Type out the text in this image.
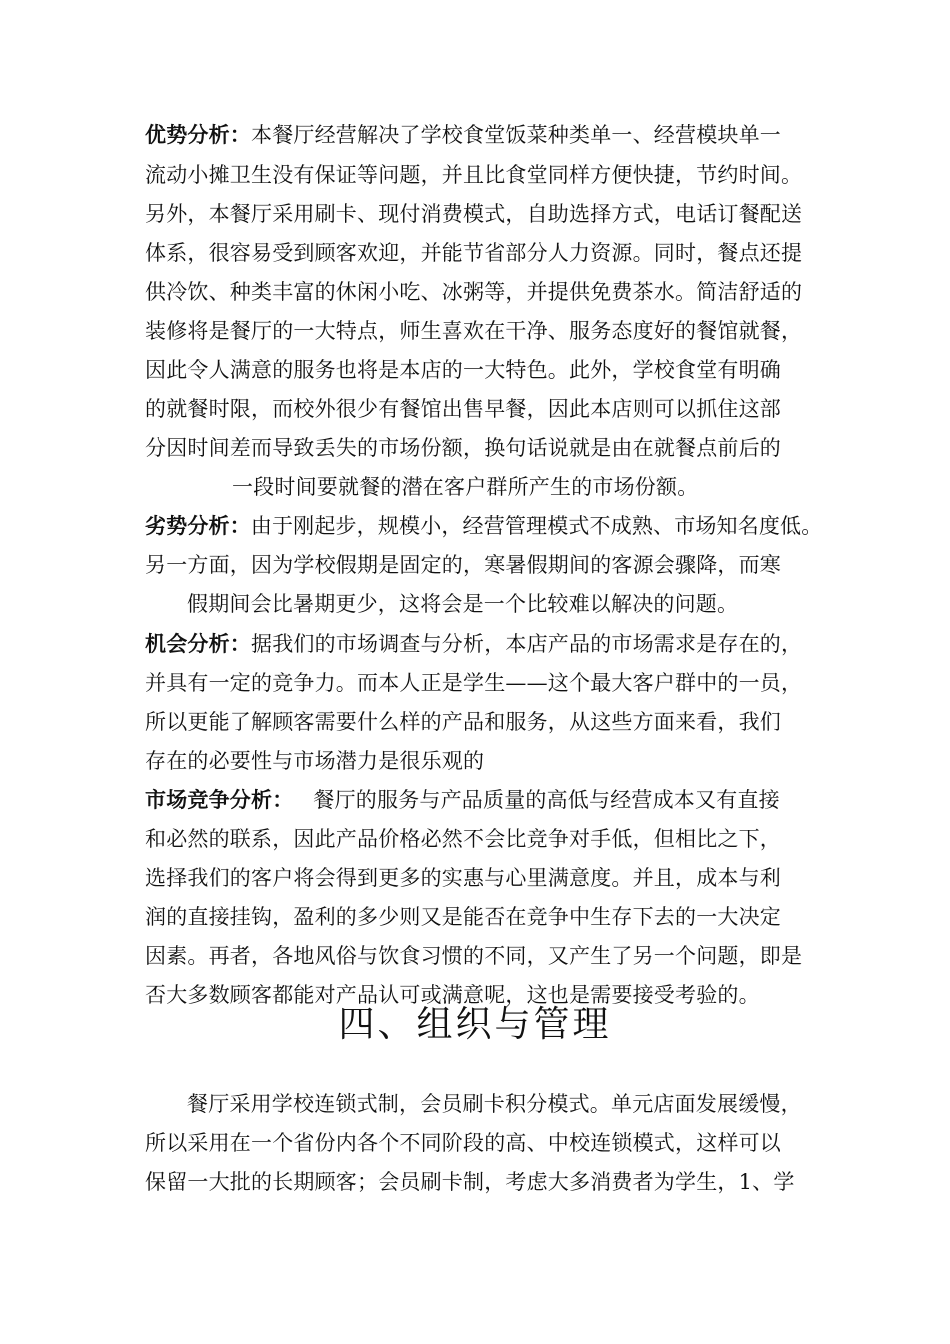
优势分析：本餐厅经营解决了学校食堂饭菜种类单一、经营模块单一
流动小摊卫生没有保证等问题，并且比食堂同样方便快捷，节约时间。
另外，本餐厅采用刷卡、现付消费模式，自助选择方式，电话订餐配送
体系，很容易受到顾客欢迎，并能节省部分人力资源。同时，餐点还提
供冷饮、种类丰富的休闲小吃、冰粥等，并提供免费茶水。简洁舒适的
装修将是餐厅的一大特点，师生喜欢在干净、服务态度好的餐馆就餐，
因此令人满意的服务也将是本店的一大特色。此外，学校食堂有明确
的就餐时限，而校外很少有餐馆出售早餐，因此本店则可以抓住这部
分因时间差而导致丢失的市场份额，换句话说就是由在就餐点前后的
一段时间要就餐的潜在客户群所产生的市场份额。
劣势分析：由于刚起步，规模小，经营管理模式不成熟、市场知名度低。
另一方面，因为学校假期是固定的，寒暑假期间的客源会骤降，而寒
假期间会比暑期更少，这将会是一个比较难以解决的问题。
机会分析：据我们的市场调查与分析，本店产品的市场需求是存在的，
并具有一定的竞争力。而本人正是学生——这个最大客户群中的一员，
所以更能了解顾客需要什么样的产品和服务，从这些方面来看，我们
存在的必要性与市场潜力是很乐观的
市场竞争分析： 餐厅的服务与产品质量的高低与经营成本又有直接
和必然的联系，因此产品价格必然不会比竞争对手低，但相比之下，
选择我们的客户将会得到更多的实惠与心里满意度。并且，成本与利
润的直接挂钩，盈利的多少则又是能否在竞争中生存下去的一大决定
因素。再者，各地风俗与饮食习惯的不同，又产生了另一个问题，即是
否大多数顾客都能对产品认可或满意呢，这也是需要接受考验的。
四、组织与管理
餐厅采用学校连锁式制，会员刷卡积分模式。单元店面发展缓慢，
所以采用在一个省份内各个不同阶段的高、中校连锁模式，这样可以
保留一大批的长期顾客；会员刷卡制，考虑大多消费者为学生，1、学
